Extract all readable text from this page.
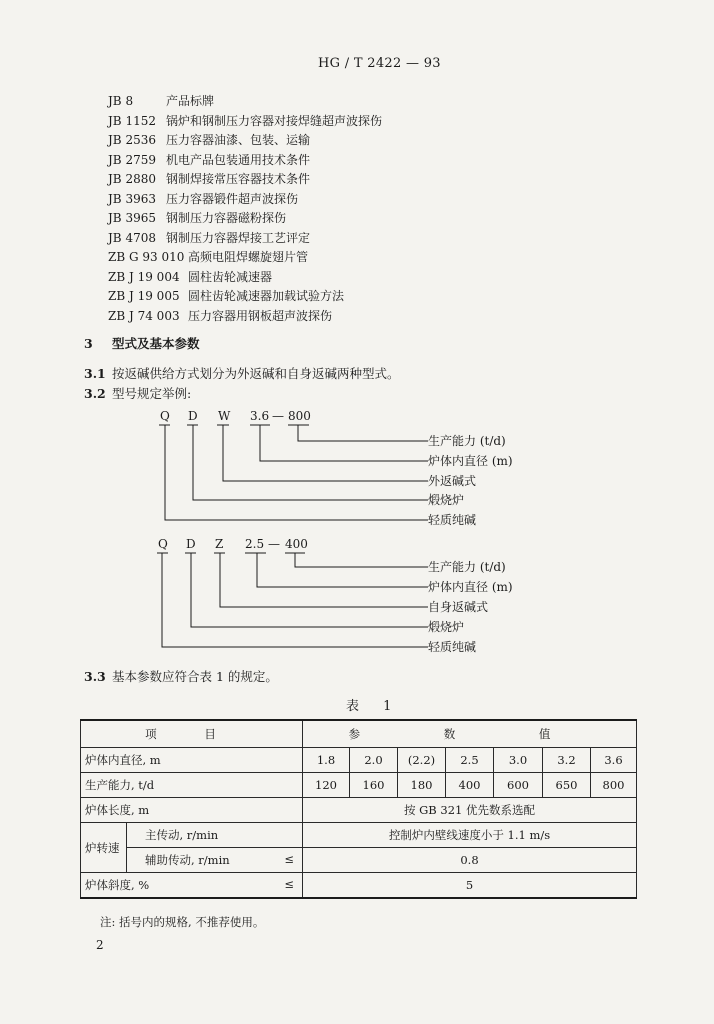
HG / T 2422 — 93
JB 8	产品标牌
JB 1152 锅炉和钢制压力容器对接焊缝超声波探伤
JB 2536 压力容器油漆、包装、运输
JB 2759 机电产品包装通用技术条件
JB 2880 钢制焊接常压容器技术条件
JB 3963 压力容器锻件超声波探伤
JB 3965 钢制压力容器磁粉探伤
JB 4708 钢制压力容器焊接工艺评定
ZB G 93 010 高频电阻焊螺旋翅片管
ZB J 19 004 圆柱齿轮减速器
ZB J 19 005 圆柱齿轮减速器加载试验方法
ZB J 74 003 压力容器用钢板超声波探伤
3 型式及基本参数
3.1 按返碱供给方式划分为外返碱和自身返碱两种型式。
3.2 型号规定举例:
Q D W 3.6 — 800
生产能力 (t/d)
炉体内直径 (m)
外返碱式
煅烧炉
轻质纯碱
Q D Z 2.5 — 400
生产能力 (t/d)
炉体内直径 (m)
自身返碱式
煅烧炉
轻质纯碱
3.3 基本参数应符合表 1 的规定。
表 1
项 目		参 数 值						
炉体内直径, m		1.8	2.0	(2.2)	2.5	3.0	3.2	3.6
生产能力, t/d		120	160	180	400	600	650	800
炉体长度, m		按 GB 321 优先数系选配						
炉转速	主传动, r/min	控制炉内壁线速度小于 1.1 m/s						
	辅助传动, r/min ≤	0.8						
炉体斜度, % ≤		5						
注: 括号内的规格, 不推荐使用。
2
